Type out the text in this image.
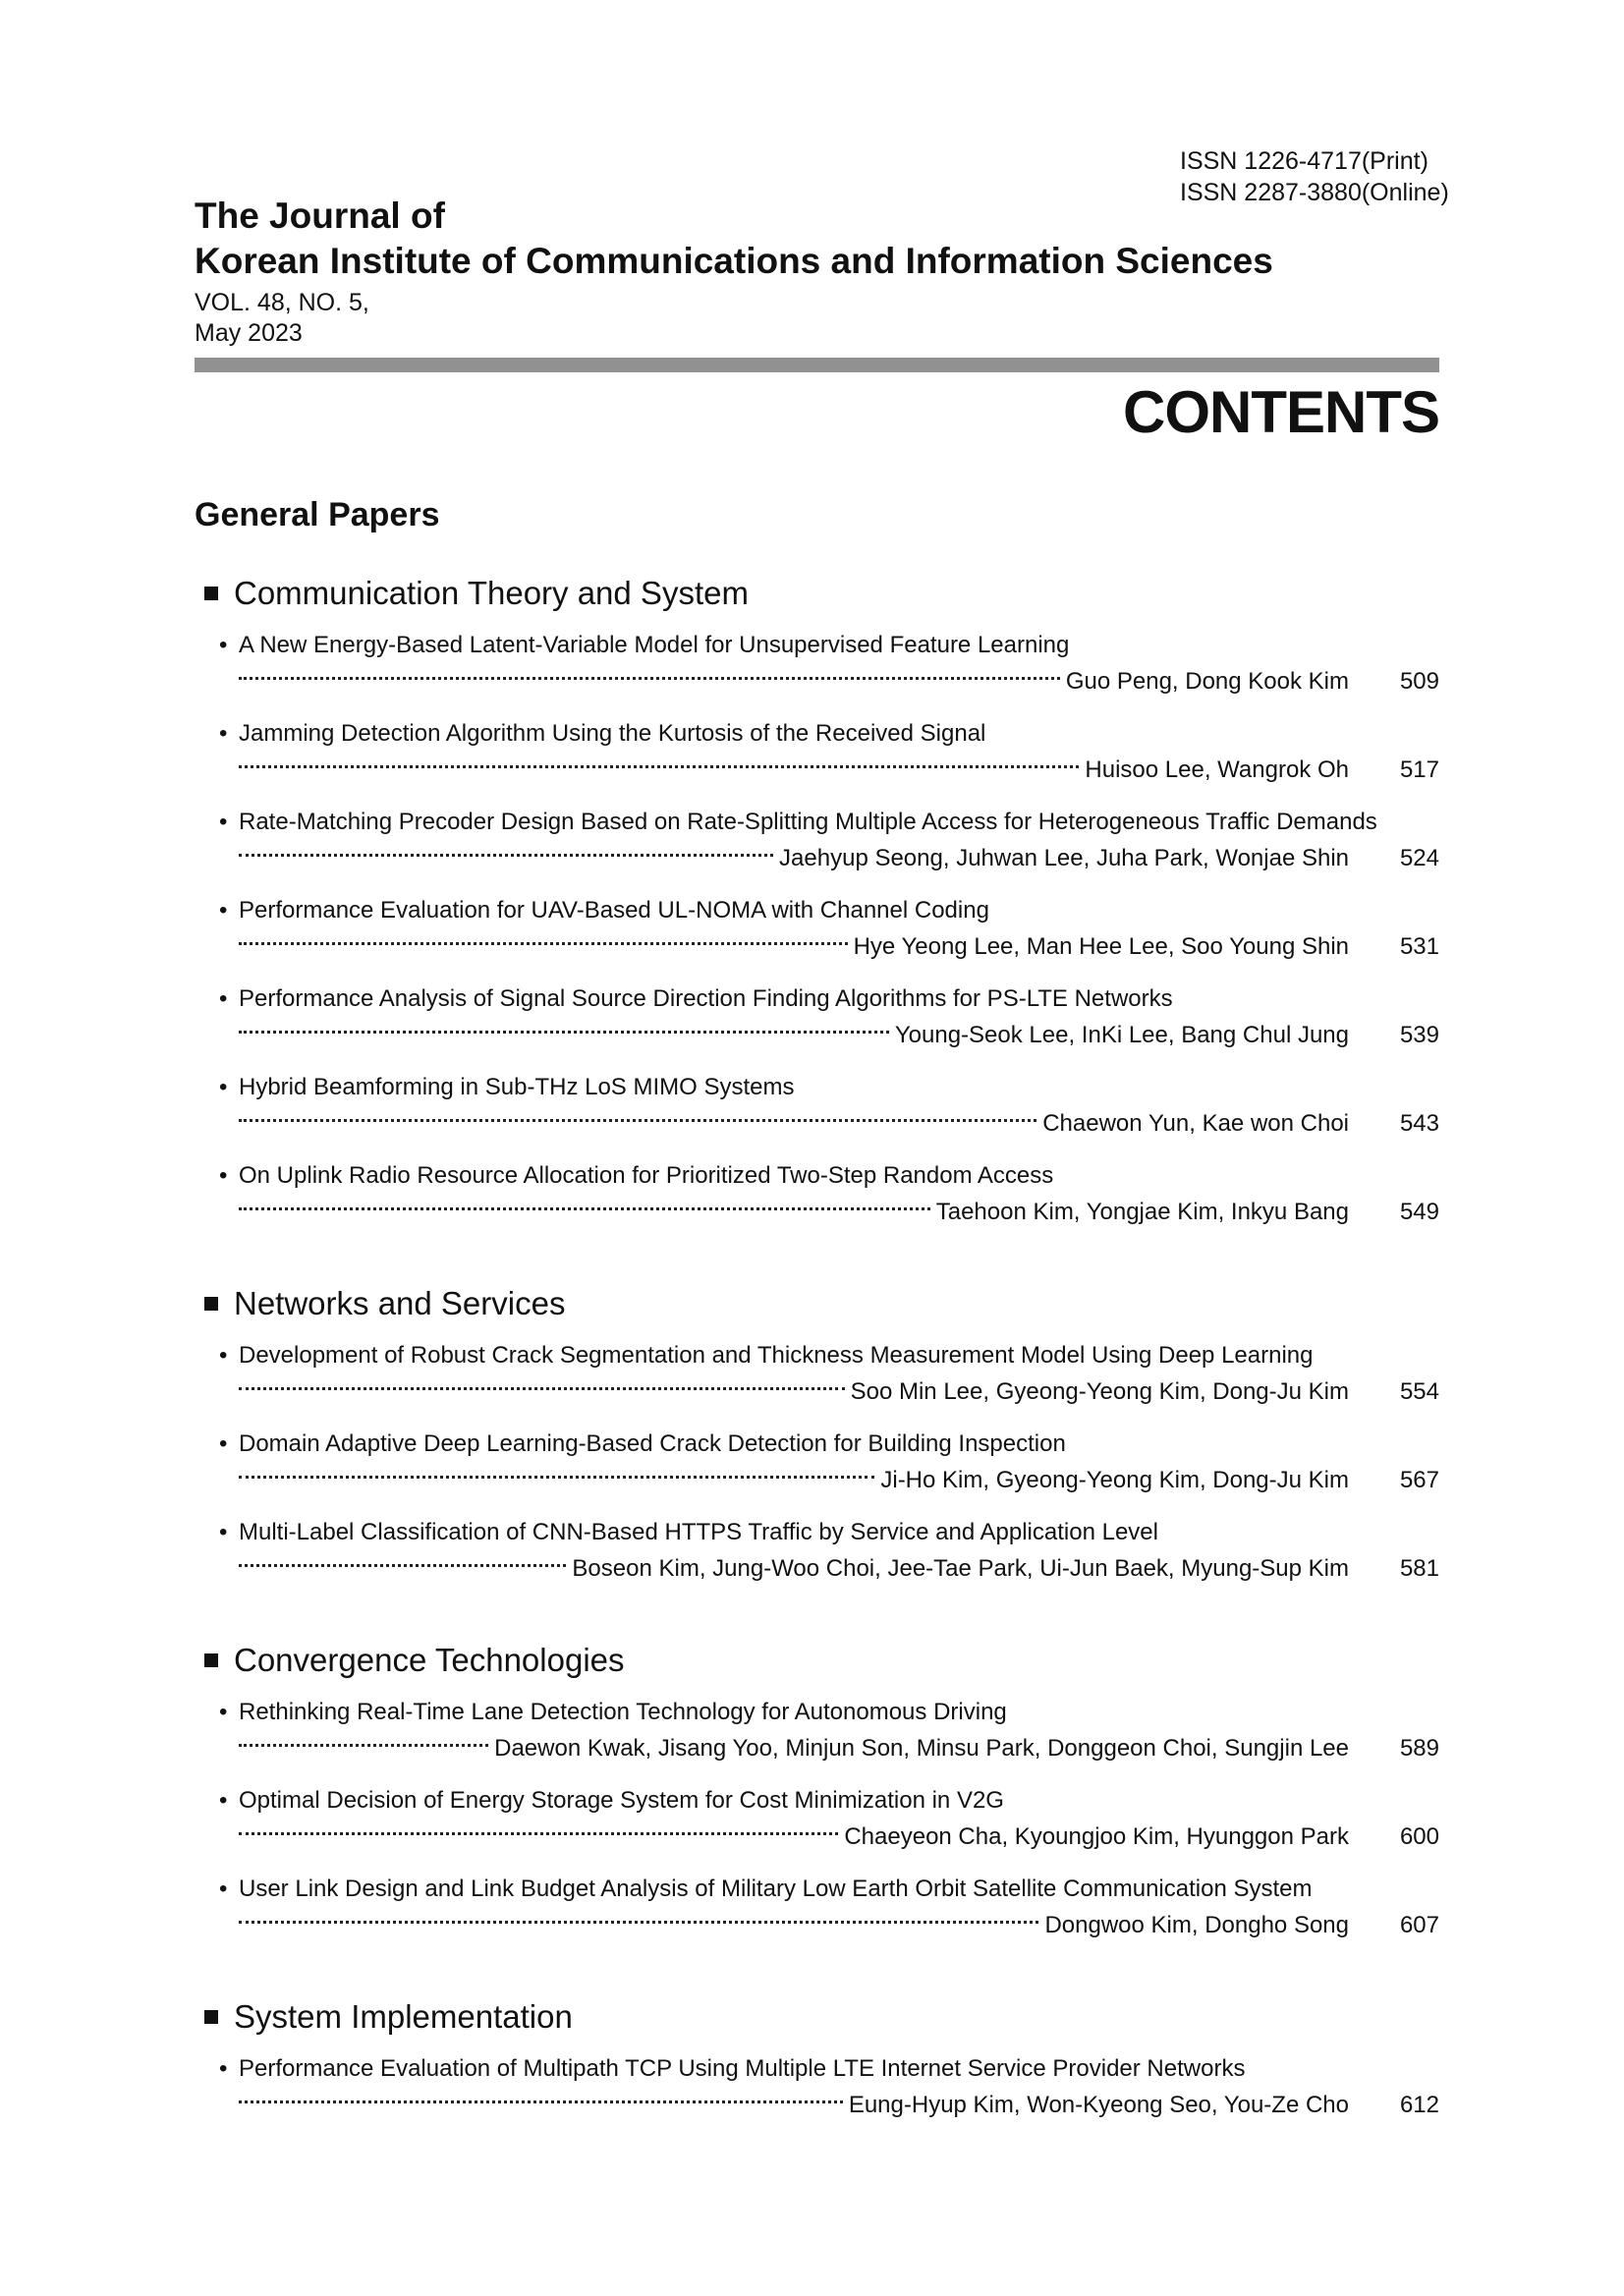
ISSN 1226-4717(Print)
ISSN 2287-3880(Online)
The Journal of
Korean Institute of Communications and Information Sciences
VOL. 48, NO. 5,
May 2023
CONTENTS
General Papers
Communication Theory and System
• A New Energy-Based Latent-Variable Model for Unsupervised Feature Learning
Guo Peng, Dong Kook Kim	509
• Jamming Detection Algorithm Using the Kurtosis of the Received Signal
Huisoo Lee, Wangrok Oh	517
• Rate-Matching Precoder Design Based on Rate-Splitting Multiple Access for Heterogeneous Traffic Demands
Jaehyup Seong, Juhwan Lee, Juha Park, Wonjae Shin	524
• Performance Evaluation for UAV-Based UL-NOMA with Channel Coding
Hye Yeong Lee, Man Hee Lee, Soo Young Shin	531
• Performance Analysis of Signal Source Direction Finding Algorithms for PS-LTE Networks
Young-Seok Lee, InKi Lee, Bang Chul Jung	539
• Hybrid Beamforming in Sub-THz LoS MIMO Systems
Chaewon Yun, Kae won Choi	543
• On Uplink Radio Resource Allocation for Prioritized Two-Step Random Access
Taehoon Kim, Yongjae Kim, Inkyu Bang	549
Networks and Services
• Development of Robust Crack Segmentation and Thickness Measurement Model Using Deep Learning
Soo Min Lee, Gyeong-Yeong Kim, Dong-Ju Kim	554
• Domain Adaptive Deep Learning-Based Crack Detection for Building Inspection
Ji-Ho Kim, Gyeong-Yeong Kim, Dong-Ju Kim	567
• Multi-Label Classification of CNN-Based HTTPS Traffic by Service and Application Level
Boseon Kim, Jung-Woo Choi, Jee-Tae Park, Ui-Jun Baek, Myung-Sup Kim	581
Convergence Technologies
• Rethinking Real-Time Lane Detection Technology for Autonomous Driving
Daewon Kwak, Jisang Yoo, Minjun Son, Minsu Park, Donggeon Choi, Sungjin Lee	589
• Optimal Decision of Energy Storage System for Cost Minimization in V2G
Chaeyeon Cha, Kyoungjoo Kim, Hyunggon Park	600
• User Link Design and Link Budget Analysis of Military Low Earth Orbit Satellite Communication System
Dongwoo Kim, Dongho Song	607
System Implementation
• Performance Evaluation of Multipath TCP Using Multiple LTE Internet Service Provider Networks
Eung-Hyup Kim, Won-Kyeong Seo, You-Ze Cho	612
